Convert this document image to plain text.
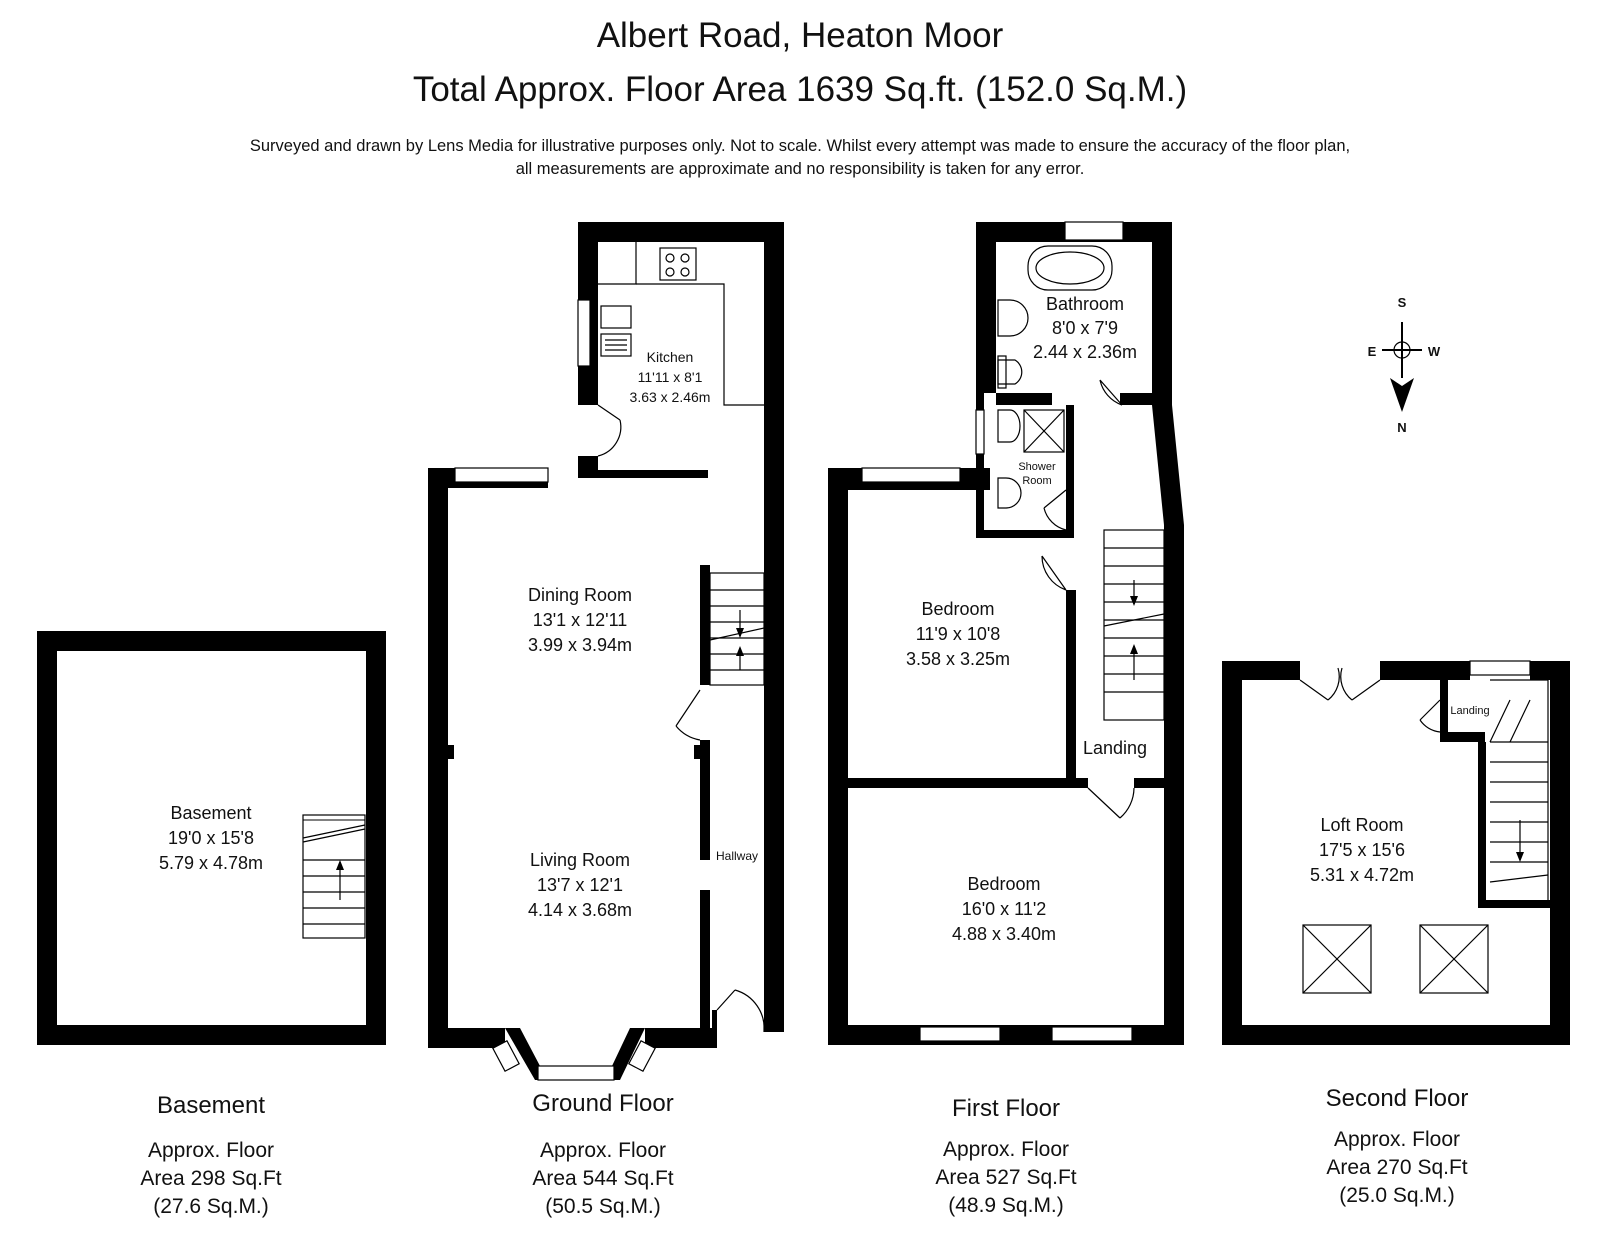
Albert Road, Heaton Moor
Total Approx. Floor Area 1639 Sq.ft. (152.0 Sq.M.)
Surveyed and drawn by Lens Media for illustrative purposes only. Not to scale. Whilst every attempt was made to ensure the accuracy of the floor plan,
all measurements are approximate and no responsibility is taken for any error.
Basement
19'0 x 15'8
5.79 x 4.78m
Kitchen
11'11 x 8'1
3.63 x 2.46m
Dining Room
13'1 x 12'11
3.99 x 3.94m
Living Room
13'7 x 12'1
4.14 x 3.68m
Hallway
Bathroom
8'0 x 7'9
2.44 x 2.36m
Shower
Room
Bedroom
11'9 x 10'8
3.58 x 3.25m
Landing
Bedroom
16'0 x 11'2
4.88 x 3.40m
Landing
Loft Room
17'5 x 15'6
5.31 x 4.72m
S
E	W
N
Basement
Approx. Floor
Area 298 Sq.Ft
(27.6 Sq.M.)
Ground Floor
Approx. Floor
Area 544 Sq.Ft
(50.5 Sq.M.)
First Floor
Approx. Floor
Area 527 Sq.Ft
(48.9 Sq.M.)
Second Floor
Approx. Floor
Area 270 Sq.Ft
(25.0 Sq.M.)
